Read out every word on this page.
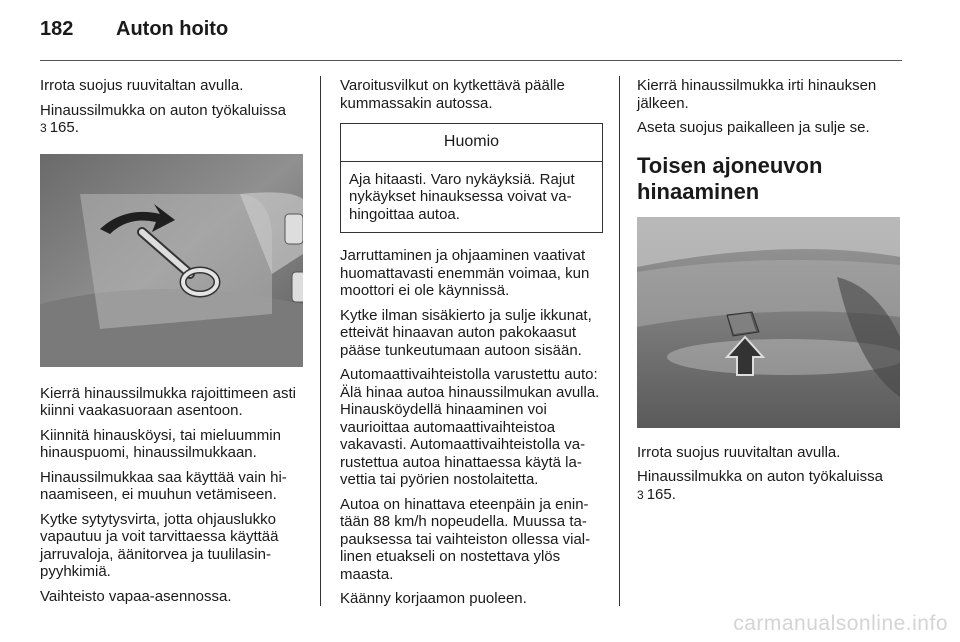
182	Auton hoito

Irrota suojus ruuvitaltan avulla.

Hinaussilmukka on auton työkaluissa
3 165.

Kierrä hinaussilmukka rajoittimeen asti kiinni vaakasuoraan asentoon.

Kiinnitä hinausköysi, tai mieluummin hinauspuomi, hinaussilmukkaan.

Hinaussilmukkaa saa käyttää vain hi-naamiseen, ei muuhun vetämiseen.

Kytke sytytysvirta, jotta ohjauslukko vapautuu ja voit tarvittaessa käyttää jarruvaloja, äänitorvea ja tuulilasin-pyyhkimiä.

Vaihteisto vapaa-asennossa.

Varoitusvilkut on kytkettävä päälle kummassakin autossa.

Huomio
Aja hitaasti. Varo nykäyksiä. Rajut nykäykset hinauksessa voivat va-hingoittaa autoa.

Jarruttaminen ja ohjaaminen vaativat huomattavasti enemmän voimaa, kun moottori ei ole käynnissä.

Kytke ilman sisäkierto ja sulje ikkunat, etteivät hinaavan auton pakokaasut pääse tunkeutumaan autoon sisään.

Automaattivaihteistolla varustettu auto: Älä hinaa autoa hinaussilmukan avulla. Hinausköydellä hinaaminen voi vaurioittaa automaattivaihteistoa vakavasti. Automaattivaihteistolla va-rustettua autoa hinattaessa käytä la-vettia tai pyörien nostolaitetta.

Autoa on hinattava eteenpäin ja enin-tään 88 km/h nopeudella. Muussa ta-pauksessa tai vaihteiston ollessa vial-linen etuakseli on nostettava ylös maasta.

Käänny korjaamon puoleen.

Kierrä hinaussilmukka irti hinauksen jälkeen.

Aseta suojus paikalleen ja sulje se.

Toisen ajoneuvon hinaaminen

Irrota suojus ruuvitaltan avulla.

Hinaussilmukka on auton työkaluissa
3 165.

carmanualsonline.info
